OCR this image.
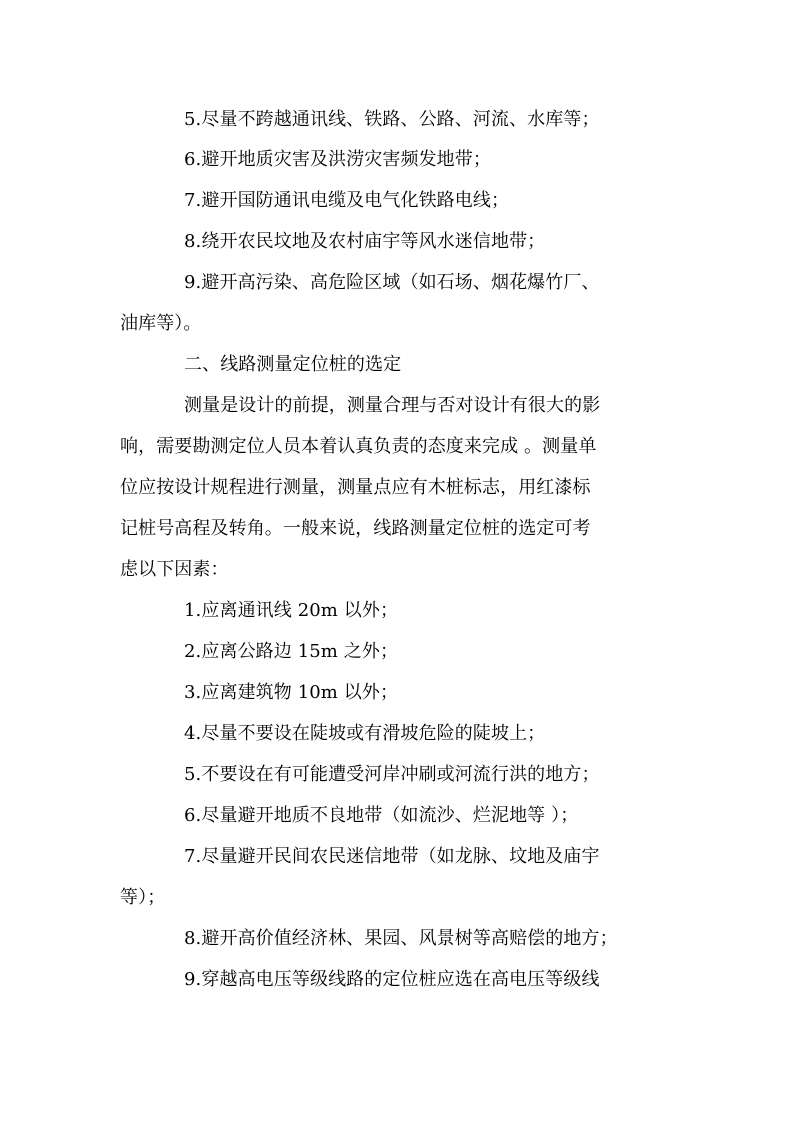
5.尽量不跨越通讯线、铁路、公路、河流、水库等；
6.避开地质灾害及洪涝灾害频发地带；
7.避开国防通讯电缆及电气化铁路电线；
8.绕开农民坟地及农村庙宇等风水迷信地带；
9.避开高污染、高危险区域（如石场、烟花爆竹厂、
油库等）。
二、线路测量定位桩的选定
测量是设计的前提，测量合理与否对设计有很大的影
响，需要勘测定位人员本着认真负责的态度来完成 。测量单
位应按设计规程进行测量，测量点应有木桩标志，用红漆标
记桩号高程及转角。一般来说，线路测量定位桩的选定可考
虑以下因素：
1.应离通讯线 20m 以外；
2.应离公路边 15m 之外；
3.应离建筑物 10m 以外；
4.尽量不要设在陡坡或有滑坡危险的陡坡上；
5.不要设在有可能遭受河岸冲刷或河流行洪的地方；
6.尽量避开地质不良地带（如流沙、烂泥地等 ）；
7.尽量避开民间农民迷信地带（如龙脉、坟地及庙宇
等）；
8.避开高价值经济林、果园、风景树等高赔偿的地方；
9.穿越高电压等级线路的定位桩应选在高电压等级线
